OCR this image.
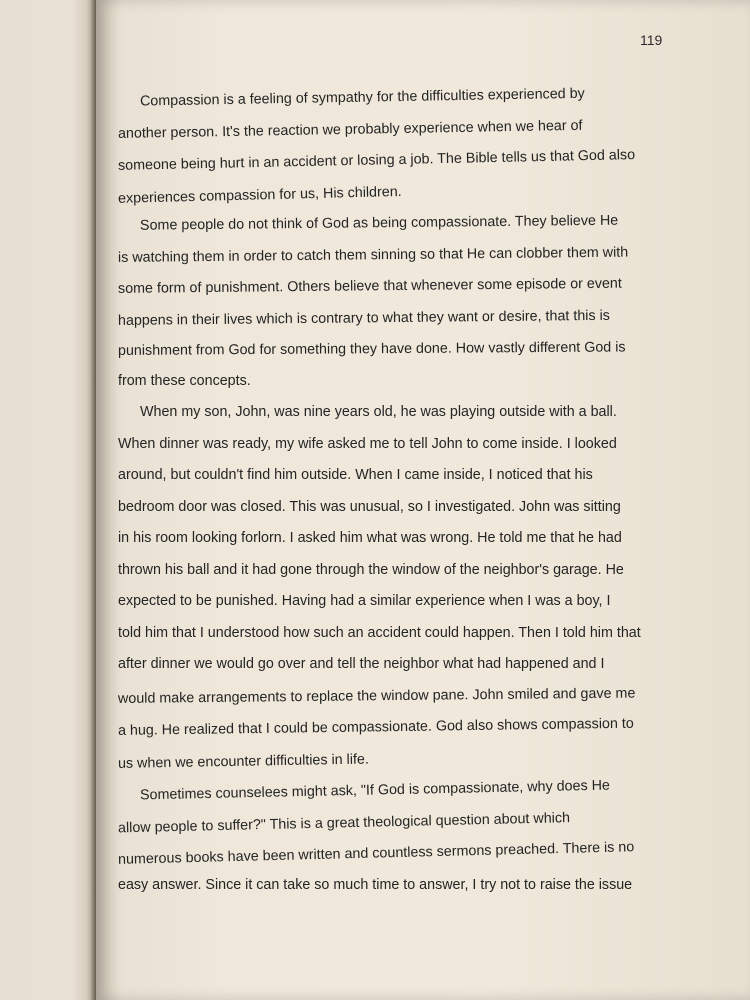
119
Compassion is a feeling of sympathy for the difficulties experienced by
another person. It's the reaction we probably experience when we hear of
someone being hurt in an accident or losing a job. The Bible tells us that God also
experiences compassion for us, His children.
Some people do not think of God as being compassionate. They believe He
is watching them in order to catch them sinning so that He can clobber them with
some form of punishment. Others believe that whenever some episode or event
happens in their lives which is contrary to what they want or desire, that this is
punishment from God for something they have done. How vastly different God is
from these concepts.
When my son, John, was nine years old, he was playing outside with a ball.
When dinner was ready, my wife asked me to tell John to come inside. I looked
around, but couldn't find him outside. When I came inside, I noticed that his
bedroom door was closed. This was unusual, so I investigated. John was sitting
in his room looking forlorn. I asked him what was wrong. He told me that he had
thrown his ball and it had gone through the window of the neighbor's garage. He
expected to be punished. Having had a similar experience when I was a boy, I
told him that I understood how such an accident could happen. Then I told him that
after dinner we would go over and tell the neighbor what had happened and I
would make arrangements to replace the window pane. John smiled and gave me
a hug. He realized that I could be compassionate. God also shows compassion to
us when we encounter difficulties in life.
Sometimes counselees might ask, "If God is compassionate, why does He
allow people to suffer?" This is a great theological question about which
numerous books have been written and countless sermons preached. There is no
easy answer. Since it can take so much time to answer, I try not to raise the issue
